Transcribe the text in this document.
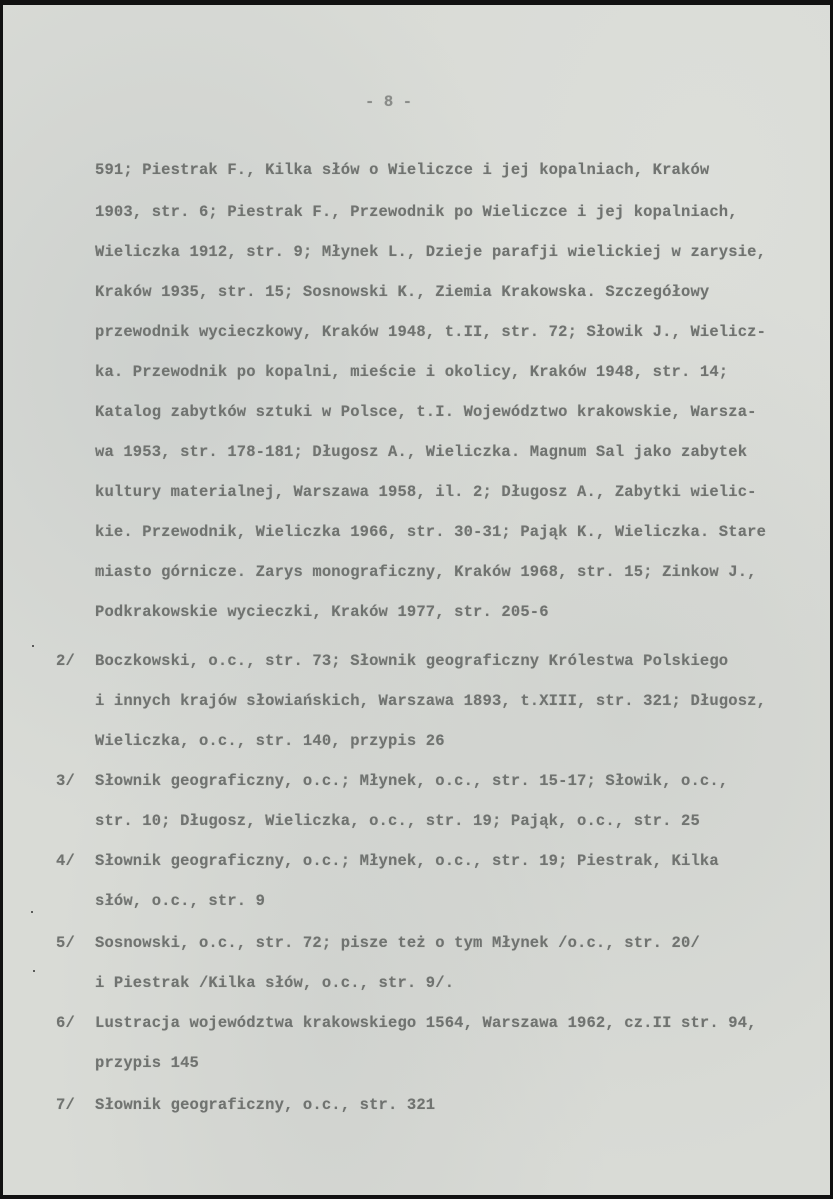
- 8 -
591; Piestrak F., Kilka słów o Wieliczce i jej kopalniach, Kraków
1903, str. 6; Piestrak F., Przewodnik po Wieliczce i jej kopalniach,
Wieliczka 1912, str. 9; Młynek L., Dzieje parafji wielickiej w zarysie,
Kraków 1935, str. 15; Sosnowski K., Ziemia Krakowska. Szczegółowy
przewodnik wycieczkowy, Kraków 1948, t.II, str. 72; Słowik J., Wielicz-
ka. Przewodnik po kopalni, mieście i okolicy, Kraków 1948, str. 14;
Katalog zabytków sztuki w Polsce, t.I. Województwo krakowskie, Warsza-
wa 1953, str. 178-181; Długosz A., Wieliczka. Magnum Sal jako zabytek
kultury materialnej, Warszawa 1958, il. 2; Długosz A., Zabytki wielic-
kie. Przewodnik, Wieliczka 1966, str. 30-31; Pająk K., Wieliczka. Stare
miasto górnicze. Zarys monograficzny, Kraków 1968, str. 15; Zinkow J.,
Podkrakowskie wycieczki, Kraków 1977, str. 205-6
2/ Boczkowski, o.c., str. 73; Słownik geograficzny Królestwa Polskiego
i innych krajów słowiańskich, Warszawa 1893, t.XIII, str. 321; Długosz,
Wieliczka, o.c., str. 140, przypis 26
3/ Słownik geograficzny, o.c.; Młynek, o.c., str. 15-17; Słowik, o.c.,
str. 10; Długosz, Wieliczka, o.c., str. 19; Pająk, o.c., str. 25
4/ Słownik geograficzny, o.c.; Młynek, o.c., str. 19; Piestrak, Kilka
słów, o.c., str. 9
5/ Sosnowski, o.c., str. 72; pisze też o tym Młynek /o.c., str. 20/
i Piestrak /Kilka słów, o.c., str. 9/.
6/ Lustracja województwa krakowskiego 1564, Warszawa 1962, cz.II str. 94,
przypis 145
7/ Słownik geograficzny, o.c., str. 321
